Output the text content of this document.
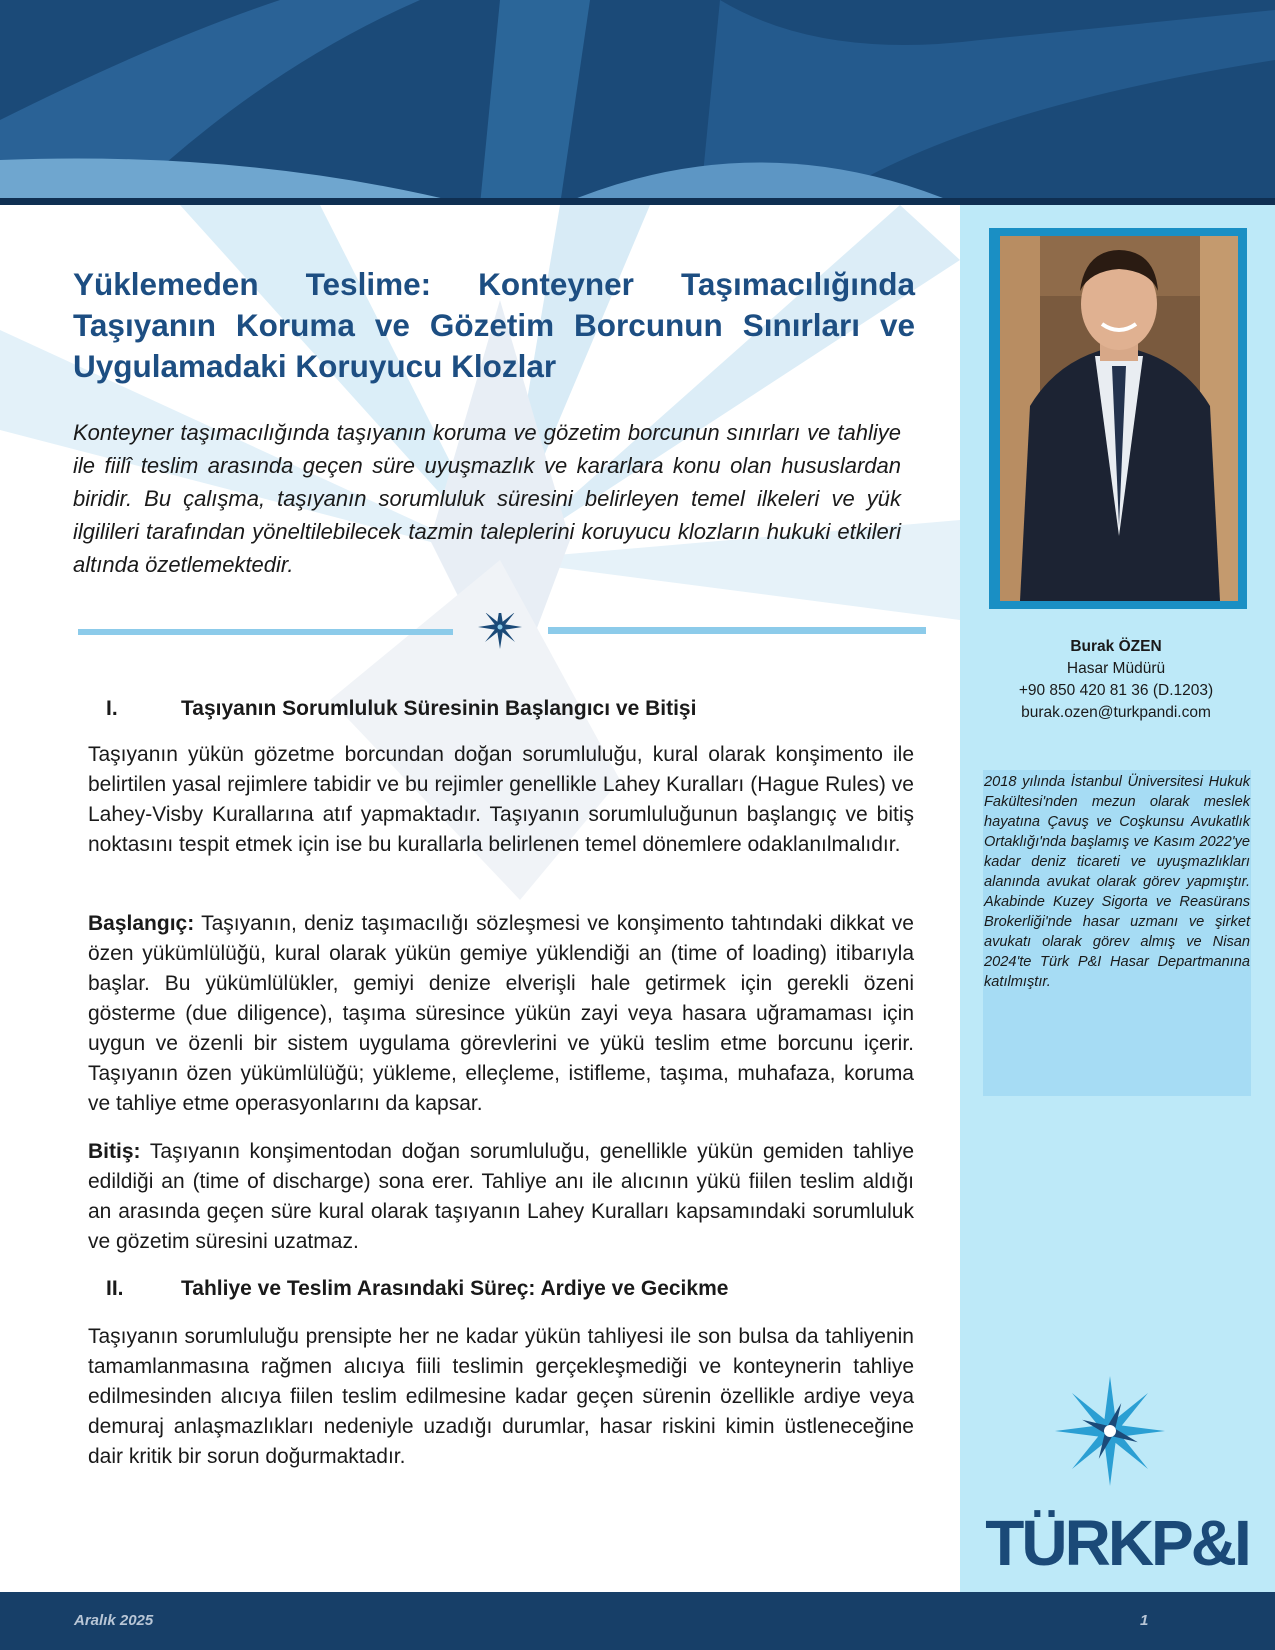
Burak ÖZEN
Hasar Müdürü
+90 850 420 81 36 (D.1203)
burak.ozen@turkpandi.com

2018 yılında İstanbul Üniversitesi Hukuk Fakültesi'nden mezun olarak meslek hayatına Çavuş ve Coşkunsu Avukatlık Ortaklığı'nda başlamış ve Kasım 2022'ye kadar deniz ticareti ve uyuşmazlıkları alanında avukat olarak görev yapmıştır. Akabinde Kuzey Sigorta ve Reasürans Brokerliği'nde hasar uzmanı ve şirket avukatı olarak görev almış ve Nisan 2024'te Türk P&I Hasar Departmanına katılmıştır.

TÜRKP&I
Yüklemeden Teslime: Konteyner Taşımacılığında Taşıyanın Koruma ve Gözetim Borcunun Sınırları ve Uygulamadaki Koruyucu Klozlar

Konteyner taşımacılığında taşıyanın koruma ve gözetim borcunun sınırları ve tahliye ile fiilî teslim arasında geçen süre uyuşmazlık ve kararlara konu olan hususlardan biridir. Bu çalışma, taşıyanın sorumluluk süresini belirleyen temel ilkeleri ve yük ilgilileri tarafından yöneltilebilecek tazmin taleplerini koruyucu klozların hukuki etkileri altında özetlemektedir.

I.	Taşıyanın Sorumluluk Süresinin Başlangıcı ve Bitişi

Taşıyanın yükün gözetme borcundan doğan sorumluluğu, kural olarak konşimento ile belirtilen yasal rejimlere tabidir ve bu rejimler genellikle Lahey Kuralları (Hague Rules) ve Lahey-Visby Kurallarına atıf yapmaktadır. Taşıyanın sorumluluğunun başlangıç ve bitiş noktasını tespit etmek için ise bu kurallarla belirlenen temel dönemlere odaklanılmalıdır.

Başlangıç: Taşıyanın, deniz taşımacılığı sözleşmesi ve konşimento tahtındaki dikkat ve özen yükümlülüğü, kural olarak yükün gemiye yüklendiği an (time of loading) itibarıyla başlar. Bu yükümlülükler, gemiyi denize elverişli hale getirmek için gerekli özeni gösterme (due diligence), taşıma süresince yükün zayi veya hasara uğramaması için uygun ve özenli bir sistem uygulama görevlerini ve yükü teslim etme borcunu içerir. Taşıyanın özen yükümlülüğü; yükleme, elleçleme, istifleme, taşıma, muhafaza, koruma ve tahliye etme operasyonlarını da kapsar.

Bitiş: Taşıyanın konşimentodan doğan sorumluluğu, genellikle yükün gemiden tahliye edildiği an (time of discharge) sona erer. Tahliye anı ile alıcının yükü fiilen teslim aldığı an arasında geçen süre kural olarak taşıyanın Lahey Kuralları kapsamındaki sorumluluk ve gözetim süresini uzatmaz.

II.	Tahliye ve Teslim Arasındaki Süreç: Ardiye ve Gecikme

Taşıyanın sorumluluğu prensipte her ne kadar yükün tahliyesi ile son bulsa da tahliyenin tamamlanmasına rağmen alıcıya fiili teslimin gerçekleşmediği ve konteynerin tahliye edilmesinden alıcıya fiilen teslim edilmesine kadar geçen sürenin özellikle ardiye veya demuraj anlaşmazlıkları nedeniyle uzadığı durumlar, hasar riskini kimin üstleneceğine dair kritik bir sorun doğurmaktadır.

Aralık 2025	1
